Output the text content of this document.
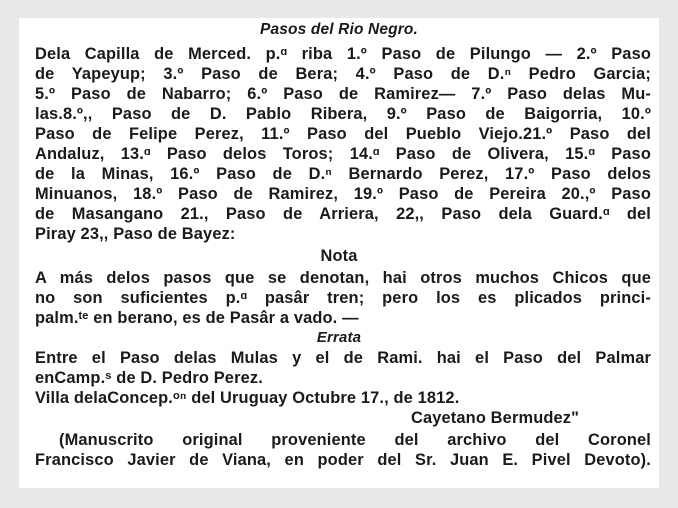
Pasos del Rio Negro.
Dela Capilla de Merced. p.ᵅ riba 1.º Paso de Pilungo — 2.º Paso
de Yapeyup; 3.º Paso de Bera; 4.º Paso de D.ⁿ Pedro Garcia;
5.º Paso de Nabarro; 6.º Paso de Ramirez— 7.º Paso delas Mu-
las.8.º,, Paso de D. Pablo Ribera, 9.º Paso de Baigorria, 10.º
Paso de Felipe Perez, 11.º Paso del Pueblo Viejo.21.º Paso del
Andaluz, 13.ᵅ Paso delos Toros; 14.ᵅ Paso de Olivera, 15.ᵅ Paso
de la Minas, 16.º Paso de D.ⁿ Bernardo Perez, 17.º Paso delos
Minuanos, 18.º Paso de Ramirez, 19.º Paso de Pereira 20.,º Paso
de Masangano 21., Paso de Arriera, 22,, Paso dela Guard.ᵅ del
Piray 23,, Paso de Bayez:
Nota
A más delos pasos que se denotan, hai otros muchos Chicos que
no son suficientes p.ᵅ pasâr tren; pero los es plicados princi-
palm.ᵗᵉ en berano, es de Pasâr a vado. —
Errata
Entre el Paso delas Mulas y el de Rami. hai el Paso del Palmar
enCamp.ˢ de D. Pedro Perez.
Villa delaConcep.ᵒⁿ del Uruguay Octubre 17., de 1812.
Cayetano Bermudez"
(Manuscrito original proveniente del archivo del Coronel
Francisco Javier de Viana, en poder del Sr. Juan E. Pivel Devoto).
